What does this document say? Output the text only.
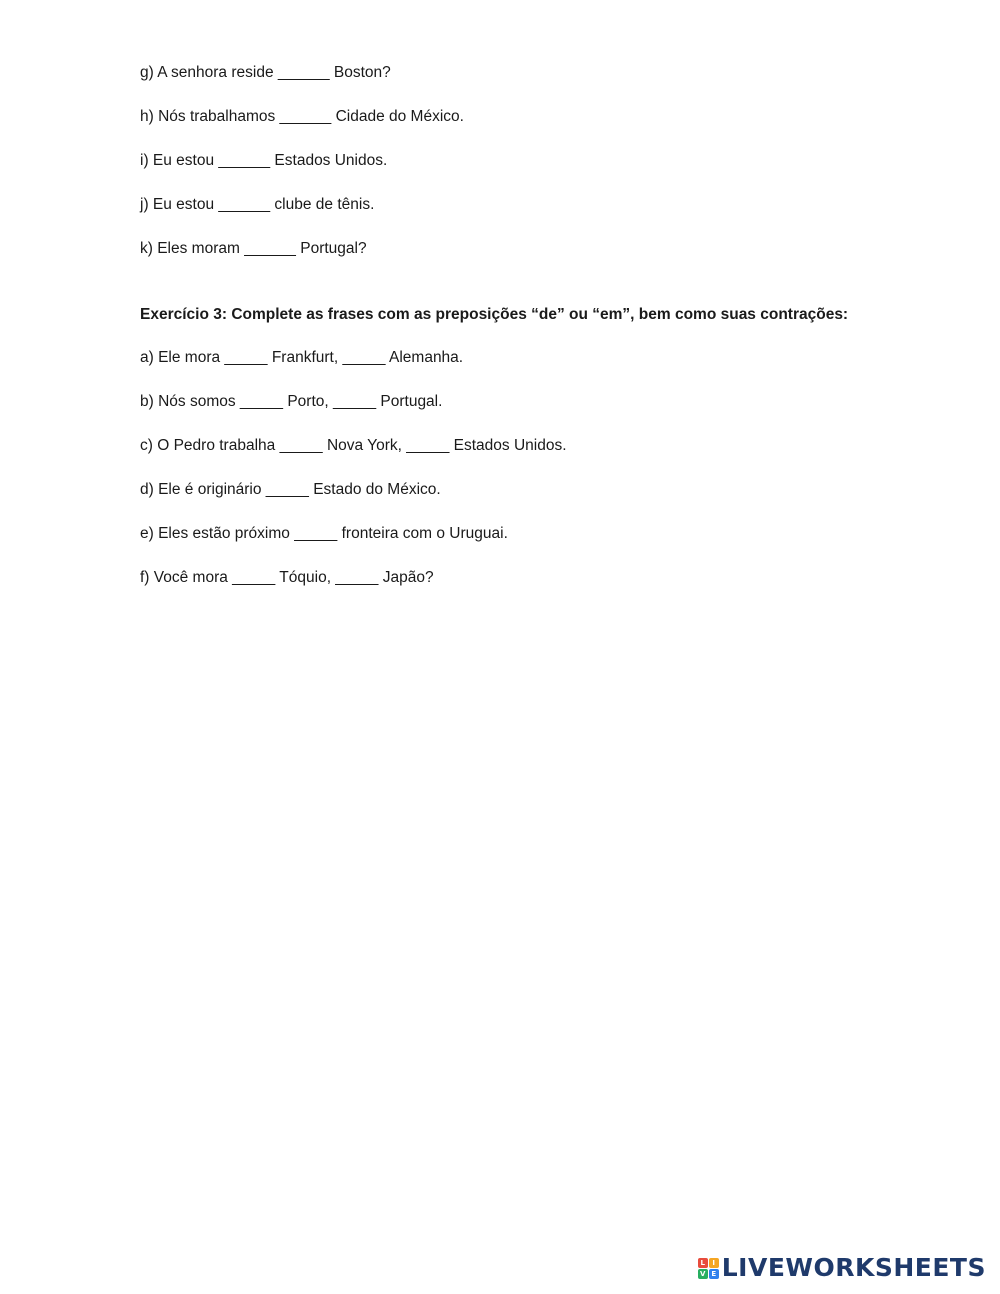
g) A senhora reside ______ Boston?
h) Nós trabalhamos ______ Cidade do México.
i) Eu estou ______ Estados Unidos.
j) Eu estou ______ clube de tênis.
k) Eles moram ______ Portugal?
Exercício 3: Complete as frases com as preposições “de” ou “em”, bem como suas contrações:
a) Ele mora _____ Frankfurt, _____ Alemanha.
b) Nós somos _____ Porto, _____ Portugal.
c) O Pedro trabalha _____ Nova York, _____ Estados Unidos.
d) Ele é originário _____ Estado do México.
e) Eles estão próximo _____ fronteira com o Uruguai.
f) Você mora _____ Tóquio, _____ Japão?
L	I
V E LIVEWORKSHEETS
